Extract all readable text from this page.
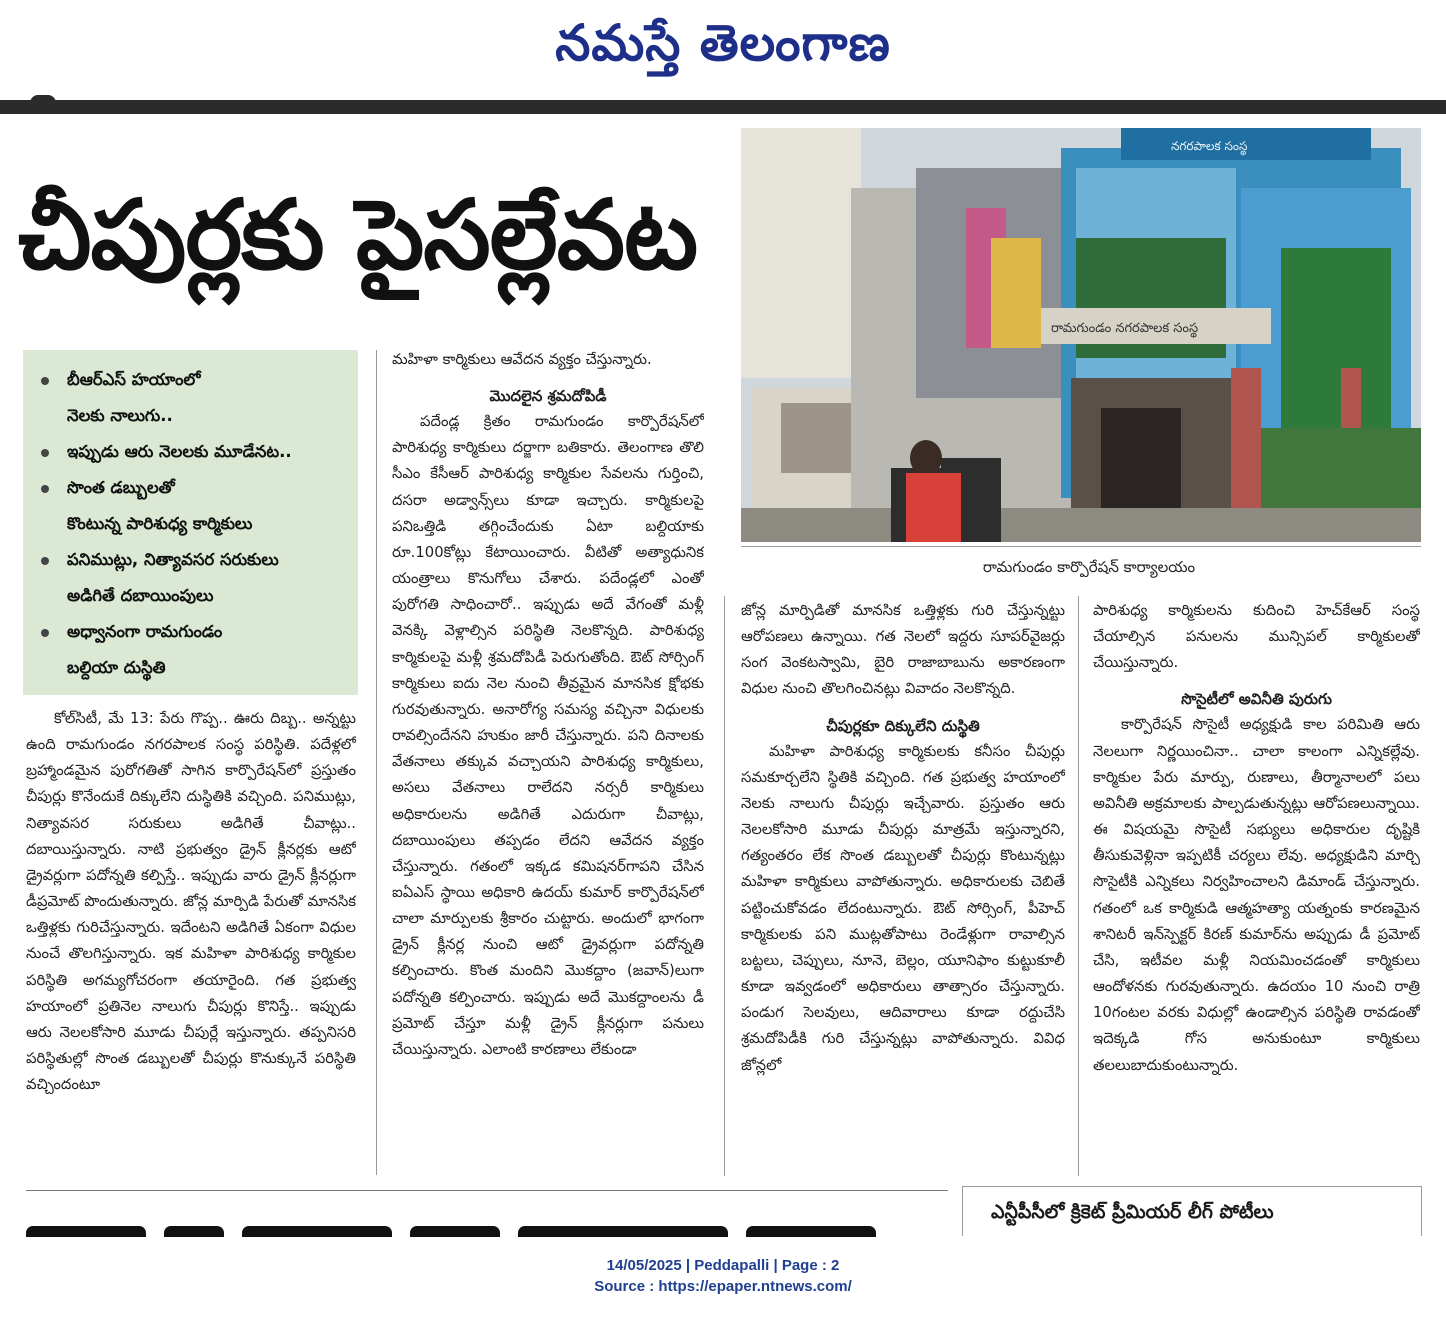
నమస్తే తెలంగాణ
చీపుర్లకు పైసల్లేవట
రామగుండం నగరపాలక సంస్థ
నగరపాలక సంస్థ
రామగుండం కార్పొరేషన్‌ కార్యాలయం
బీఆర్‌ఎస్‌ హయాంలో
నెలకు నాలుగు..
ఇప్పుడు ఆరు నెలలకు మూడేనట..
సొంత డబ్బులతో
కొంటున్న పారిశుధ్య కార్మికులు
పనిముట్లు, నిత్యావసర సరుకులు
అడిగితే దబాయింపులు
అధ్వానంగా రామగుండం
బల్దియా దుస్థితి

కోల్‌సిటీ, మే 13: పేరు గొప్ప.. ఊరు దిబ్బ.. అన్నట్టు ఉంది రామగుండం నగరపాలక సంస్థ పరిస్థితి. పదేళ్లలో బ్రహ్మాండమైన పురోగతితో సాగిన కార్పొరేషన్‌లో ప్రస్తుతం చీపుర్లు కొనేందుకే దిక్కులేని దుస్థితికి వచ్చింది. పనిముట్లు, నిత్యావసర సరుకులు అడిగితే చీవాట్లు.. దబాయిస్తున్నారు. నాటి ప్రభుత్వం డ్రైన్‌ క్లీనర్లకు ఆటో డ్రైవర్లుగా పదోన్నతి కల్పిస్తే.. ఇప్పుడు వారు డ్రైన్‌ క్లీనర్లుగా డీప్రమోట్‌ పొందుతున్నారు. జోన్ల మార్పిడి పేరుతో మానసిక ఒత్తిళ్లకు గురిచేస్తున్నారు. ఇదేంటని అడిగితే ఏకంగా విధుల నుంచే తొలగిస్తున్నారు. ఇక మహిళా పారిశుధ్య కార్మికుల పరిస్థితి అగమ్యగోచరంగా తయారైంది. గత ప్రభుత్వ హయాంలో ప్రతినెల నాలుగు చీపుర్లు కొనిస్తే.. ఇప్పుడు ఆరు నెలలకోసారి మూడు చీపుర్లే ఇస్తున్నారు. తప్పనిసరి పరిస్థితుల్లో సొంత డబ్బులతో చీపుర్లు కొనుక్కునే పరిస్థితి వచ్చిందంటూ

మహిళా కార్మికులు ఆవేదన వ్యక్తం చేస్తున్నారు.

మొదలైన శ్రమదోపిడీ

పదేండ్ల క్రితం రామగుండం కార్పొరేషన్‌లో పారిశుధ్య కార్మికులు దర్జాగా బతికారు. తెలంగాణ తొలి సీఎం కేసీఆర్‌ పారిశుధ్య కార్మికుల సేవలను గుర్తించి, దసరా అడ్వాన్స్‌లు కూడా ఇచ్చారు. కార్మికులపై పనిఒత్తిడి తగ్గించేందుకు ఏటా బల్దియాకు రూ.100కోట్లు కేటాయించారు. వీటితో అత్యాధునిక యంత్రాలు కొనుగోలు చేశారు. పదేండ్లలో ఎంతో పురోగతి సాధించారో.. ఇప్పుడు అదే వేగంతో మళ్లీ వెనక్కి వెళ్లాల్సిన పరిస్థితి నెలకొన్నది. పారిశుధ్య కార్మికులపై మళ్లీ శ్రమదోపిడీ పెరుగుతోంది. ఔట్‌ సోర్సింగ్‌ కార్మికులు ఐదు నెల నుంచి తీవ్రమైన మానసిక క్షోభకు గురవుతున్నారు. అనారోగ్య సమస్య వచ్చినా విధులకు రావల్సిందేనని హుకుం జారీ చేస్తున్నారు. పని దినాలకు వేతనాలు తక్కువ వచ్చాయని పారిశుధ్య కార్మికులు, అసలు వేతనాలు రాలేదని నర్సరీ కార్మికులు అధికారులను అడిగితే ఎదురుగా చీవాట్లు, దబాయింపులు తప్పడం లేదని ఆవేదన వ్యక్తం చేస్తున్నారు. గతంలో ఇక్కడ కమిషనర్‌గాపని చేసిన ఐఏఎస్‌ స్థాయి అధికారి ఉదయ్‌ కుమార్‌ కార్పొరేషన్‌లో చాలా మార్పులకు శ్రీకారం చుట్టారు. అందులో భాగంగా డ్రైన్‌ క్లీనర్ల నుంచి ఆటో డ్రైవర్లుగా పదోన్నతి కల్పించారు. కొంత మందిని మొకద్దాం (జవాన్‌)లుగా పదోన్నతి కల్పించారు. ఇప్పుడు అదే మొకద్దాంలను డీ ప్రమోట్‌ చేస్తూ మళ్లీ డ్రైన్‌ క్లీనర్లుగా పనులు చేయిస్తున్నారు. ఎలాంటి కారణాలు లేకుండా

జోన్ల మార్పిడితో మానసిక ఒత్తిళ్లకు గురి చేస్తున్నట్టు ఆరోపణలు ఉన్నాయి. గత నెలలో ఇద్దరు సూపర్‌వైజర్లు సంగ వెంకటస్వామి, బైరి రాజాబాబును అకారణంగా విధుల నుంచి తొలగించినట్లు వివాదం నెలకొన్నది.

చీపుర్లకూ దిక్కులేని దుస్థితి

మహిళా పారిశుధ్య కార్మికులకు కనీసం చీపుర్లు సమకూర్చలేని స్థితికి వచ్చింది. గత ప్రభుత్వ హయాంలో నెలకు నాలుగు చీపుర్లు ఇచ్చేవారు. ప్రస్తుతం ఆరు నెలలకోసారి మూడు చీపుర్లు మాత్రమే ఇస్తున్నారని, గత్యంతరం లేక సొంత డబ్బులతో చీపుర్లు కొంటున్నట్లు మహిళా కార్మికులు వాపోతున్నారు. అధికారులకు చెబితే పట్టించుకోవడం లేదంటున్నారు. ఔట్‌ సోర్సింగ్‌, పీహెచ్‌ కార్మికులకు పని ముట్లతోపాటు రెండేళ్లుగా రావాల్సిన బట్టలు, చెప్పులు, నూనె, బెల్లం, యూనిఫాం కుట్టుకూలీ కూడా ఇవ్వడంలో అధికారులు తాత్సారం చేస్తున్నారు. పండుగ సెలవులు, ఆదివారాలు కూడా రద్దుచేసి శ్రమదోపిడీకి గురి చేస్తున్నట్లు వాపోతున్నారు. వివిధ జోన్లలో

పారిశుధ్య కార్మికులను కుదించి హెచ్‌కేఆర్‌ సంస్థ చేయాల్సిన పనులను మున్సిపల్‌ కార్మికులతో చేయిస్తున్నారు.

సొసైటీలో అవినీతి పురుగు

కార్పొరేషన్‌ సొసైటీ అధ్యక్షుడి కాల పరిమితి ఆరు నెలలుగా నిర్ణయించినా.. చాలా కాలంగా ఎన్నికల్లేవు. కార్మికుల పేరు మార్పు, రుణాలు, తీర్మానాలలో పలు అవినీతి అక్రమాలకు పాల్పడుతున్నట్లు ఆరోపణలున్నాయి. ఈ విషయమై సొసైటీ సభ్యులు అధికారుల దృష్టికి తీసుకువెళ్లినా ఇప్పటికీ చర్యలు లేవు. అధ్యక్షుడిని మార్చి సొసైటీకి ఎన్నికలు నిర్వహించాలని డిమాండ్‌ చేస్తున్నారు. గతంలో ఒక కార్మికుడి ఆత్మహత్యా యత్నంకు కారణమైన శానిటరీ ఇన్‌స్పెక్టర్‌ కిరణ్‌ కుమార్‌ను అప్పుడు డీ ప్రమోట్‌ చేసి, ఇటీవల మళ్లీ నియమించడంతో కార్మికులు ఆందోళనకు గురవుతున్నారు. ఉదయం 10 నుంచి రాత్రి 10గంటల వరకు విధుల్లో ఉండాల్సిన పరిస్థితి రావడంతో ఇదెక్కడి గోస అనుకుంటూ కార్మికులు తలలుబాదుకుంటున్నారు.

ఎన్టీపీసీలో క్రికెట్‌ ప్రీమియర్‌ లీగ్‌ పోటీలు
14/05/2025 | Peddapalli | Page : 2
Source : https://epaper.ntnews.com/
